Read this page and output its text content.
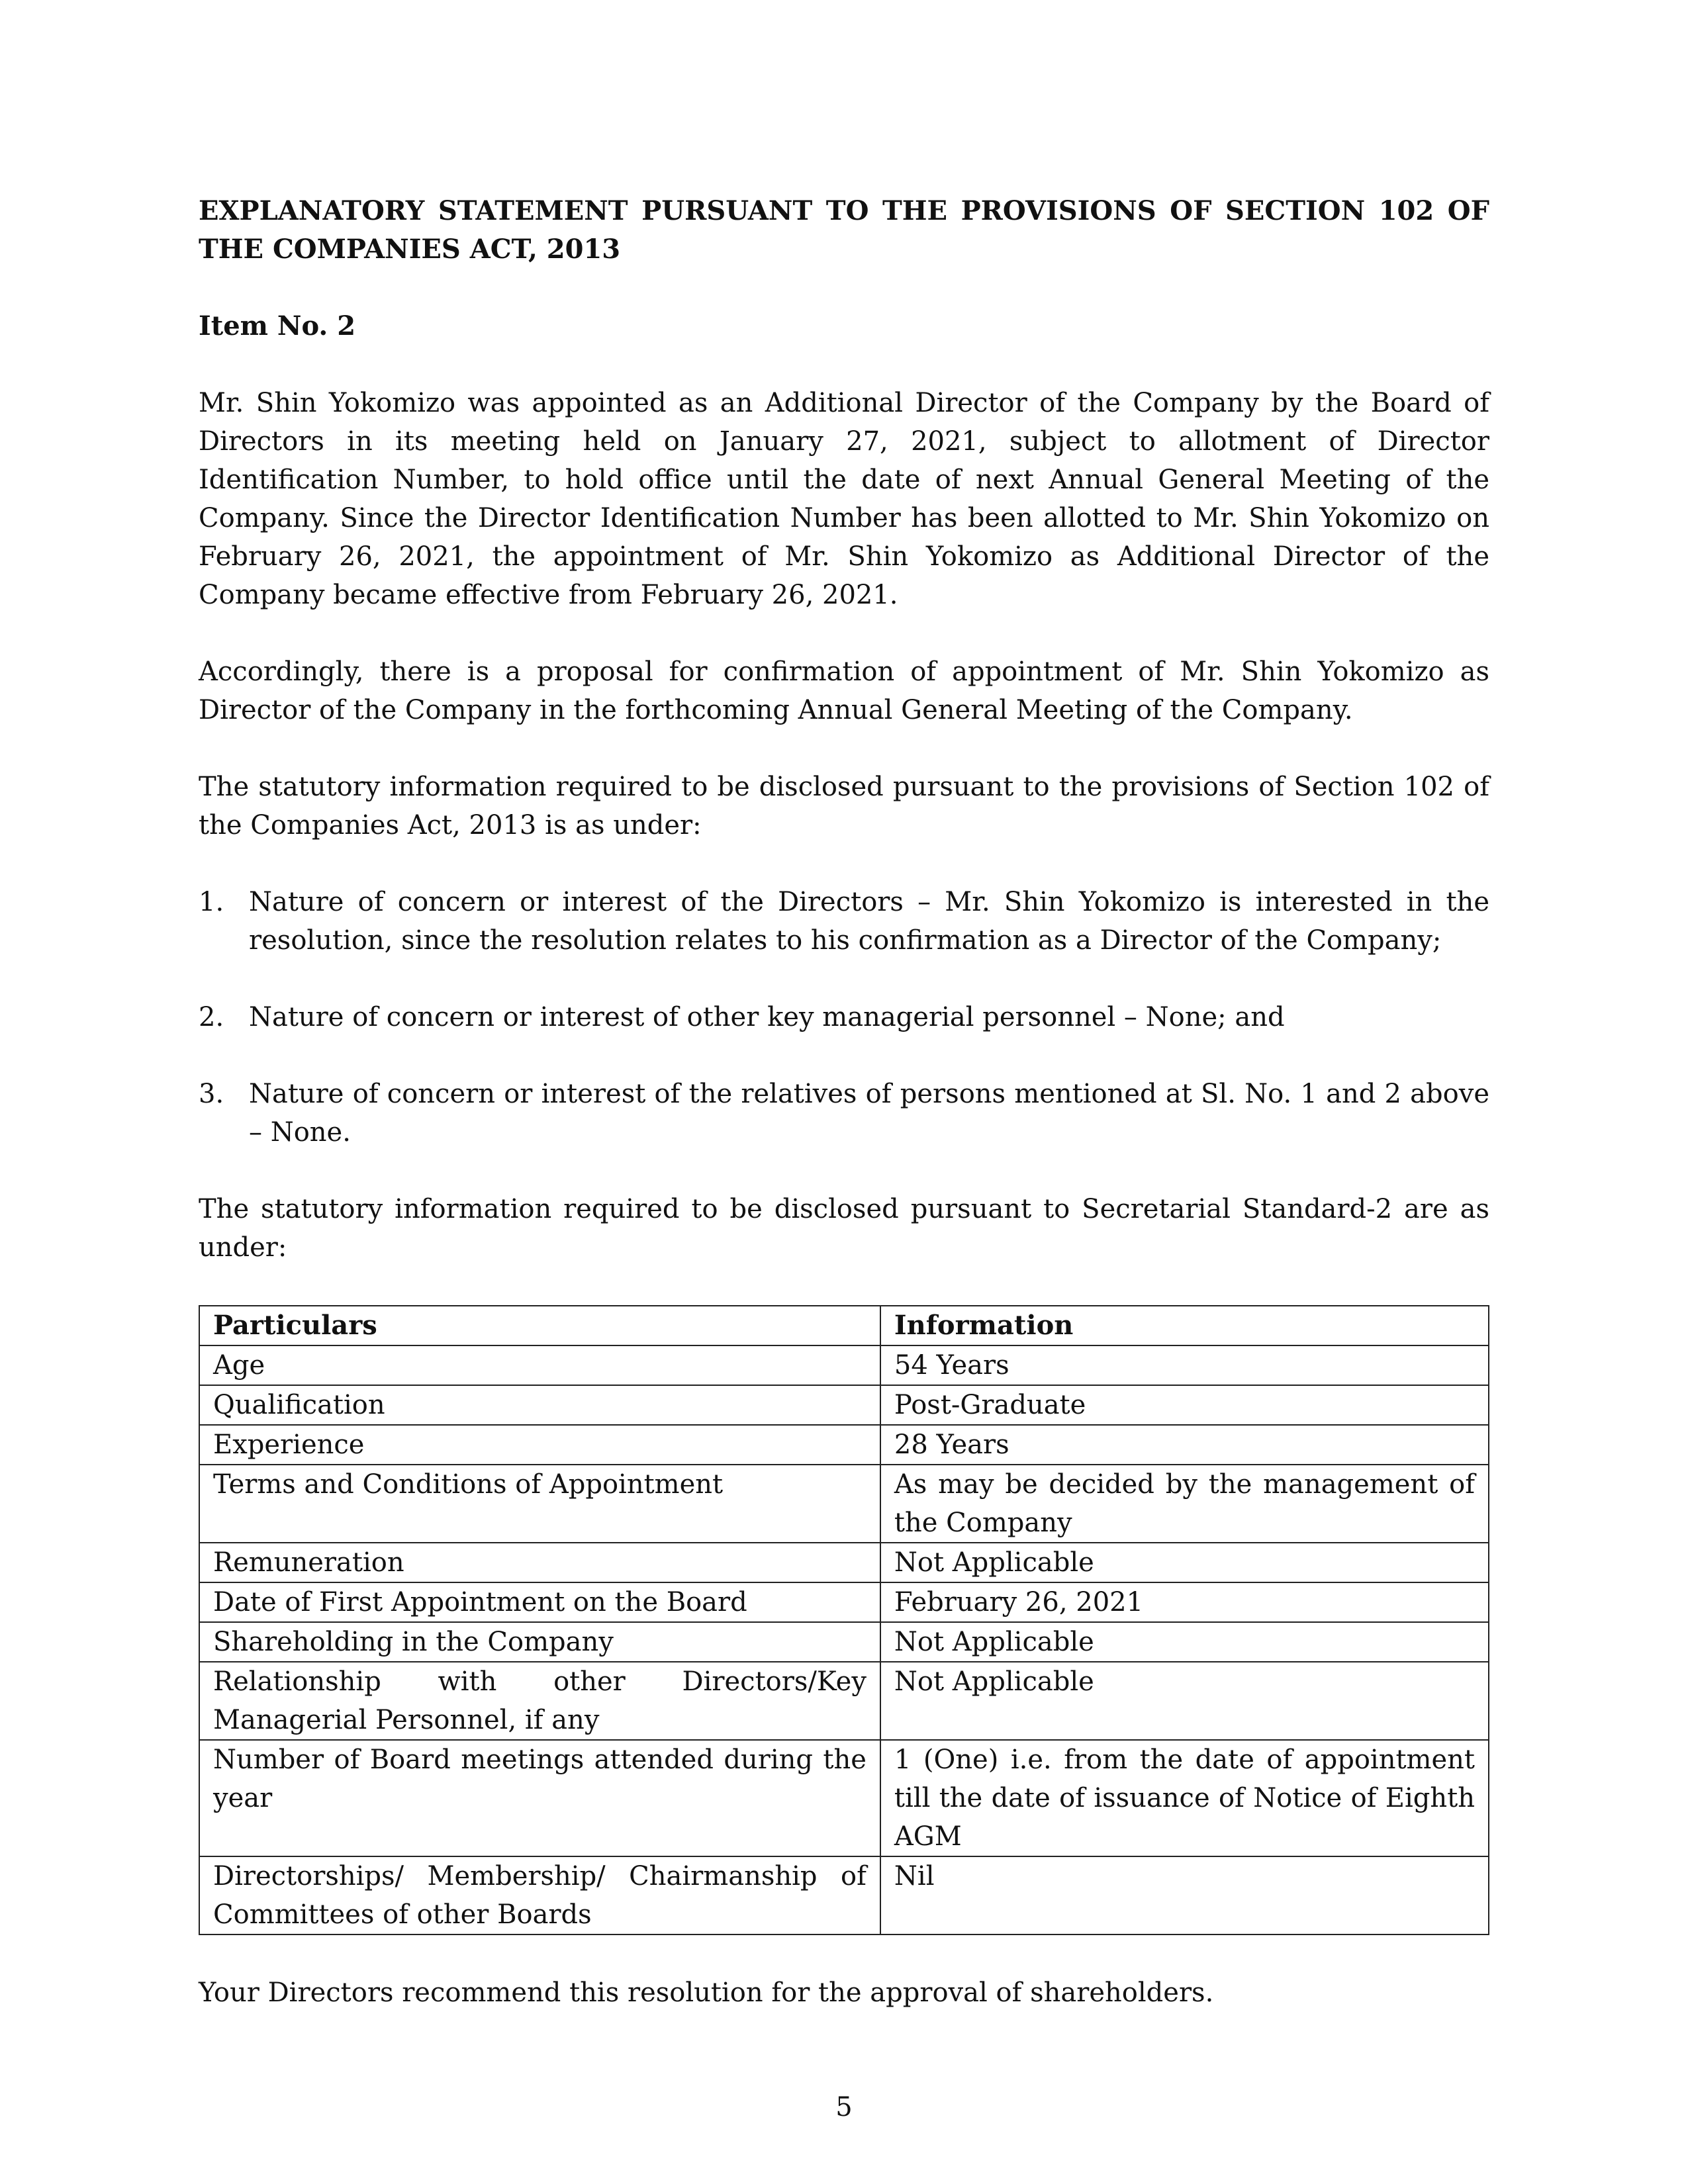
EXPLANATORY STATEMENT PURSUANT TO THE PROVISIONS OF SECTION 102 OF THE COMPANIES ACT, 2013
Item No. 2

Mr. Shin Yokomizo was appointed as an Additional Director of the Company by the Board of Directors in its meeting held on January 27, 2021, subject to allotment of Director Identification Number, to hold office until the date of next Annual General Meeting of the Company. Since the Director Identification Number has been allotted to Mr. Shin Yokomizo on February 26, 2021, the appointment of Mr. Shin Yokomizo as Additional Director of the Company became effective from February 26, 2021.

Accordingly, there is a proposal for confirmation of appointment of Mr. Shin Yokomizo as Director of the Company in the forthcoming Annual General Meeting of the Company.

The statutory information required to be disclosed pursuant to the provisions of Section 102 of the Companies Act, 2013 is as under:

1. Nature of concern or interest of the Directors – Mr. Shin Yokomizo is interested in the resolution, since the resolution relates to his confirmation as a Director of the Company;
2. Nature of concern or interest of other key managerial personnel – None; and
3. Nature of concern or interest of the relatives of persons mentioned at Sl. No. 1 and 2 above – None.

The statutory information required to be disclosed pursuant to Secretarial Standard-2 are as under:

Particulars	Information
Age	54 Years
Qualification	Post-Graduate
Experience	28 Years
Terms and Conditions of Appointment	As may be decided by the management of the Company
Remuneration	Not Applicable
Date of First Appointment on the Board	February 26, 2021
Shareholding in the Company	Not Applicable
Relationship with other Directors/Key Managerial Personnel, if any	Not Applicable
Number of Board meetings attended during the year	1 (One) i.e. from the date of appointment till the date of issuance of Notice of Eighth AGM
Directorships/ Membership/ Chairmanship of Committees of other Boards	Nil

Your Directors recommend this resolution for the approval of shareholders.

5
